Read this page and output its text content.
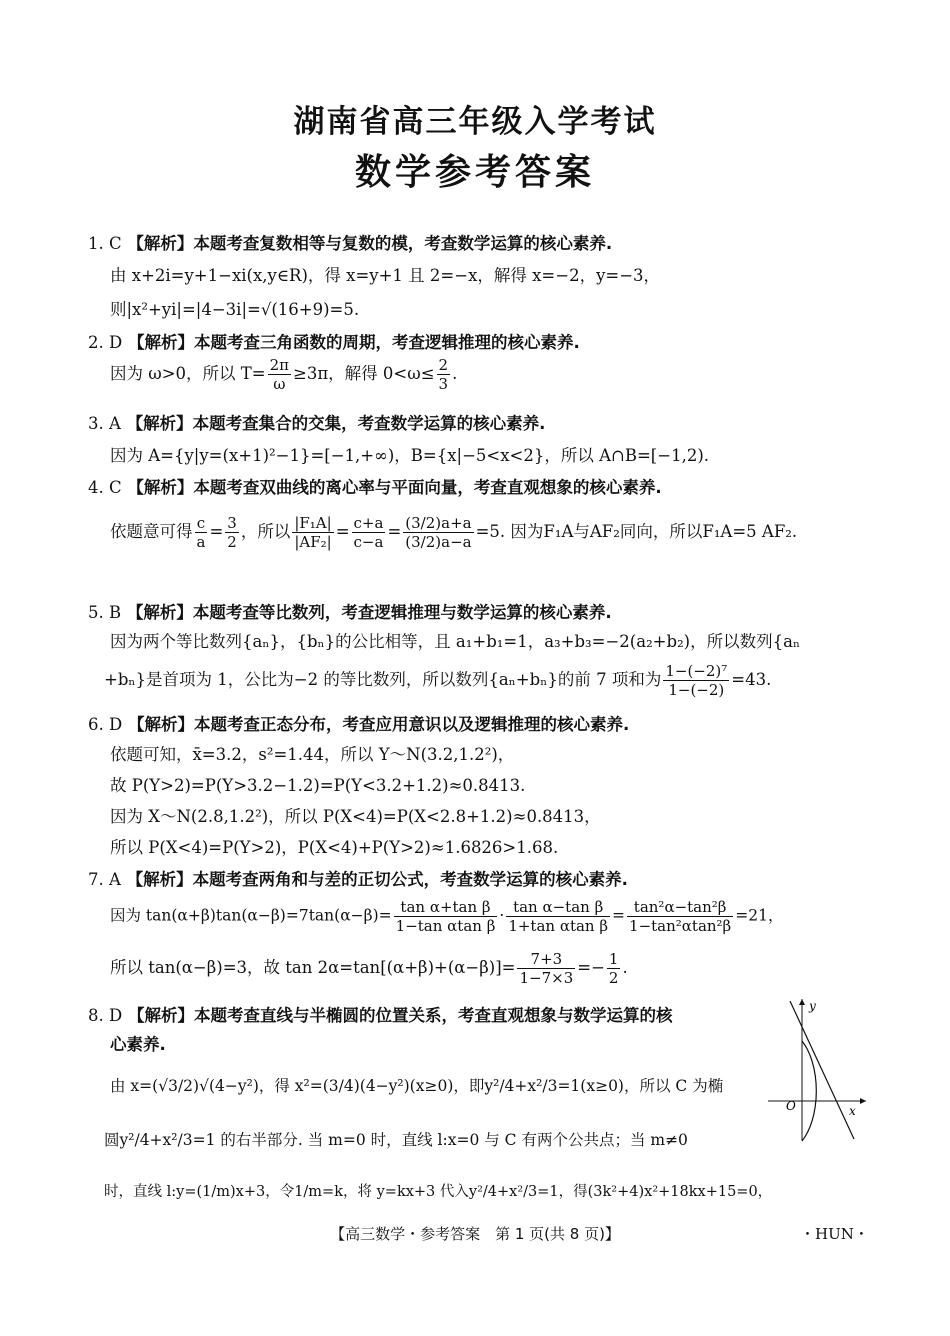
湖南省高三年级入学考试
数学参考答案
1. C 【解析】本题考查复数相等与复数的模，考查数学运算的核心素养.
由 x+2i=y+1−xi(x,y∈R)，得 x=y+1 且 2=−x，解得 x=−2，y=−3，
则|x²+yi|=|4−3i|=√(16+9)=5.
2. D 【解析】本题考查三角函数的周期，考查逻辑推理的核心素养.
因为 ω>0，所以 $T= \frac{2\pi}{\omega} \ge 3\pi$，解得 $0<\omega\le \frac{2}{3}$ .
3. A 【解析】本题考查集合的交集，考查数学运算的核心素养.
因为 A={y|y=(x+1)²−1}=[−1,+∞)，B={x|−5<x<2}，所以 A∩B=[−1,2).
4. C 【解析】本题考查双曲线的离心率与平面向量，考查直观想象的核心素养.
依题意可得 $\frac{c}{a} = \frac{3}{2}$ ，所以 $\frac{\text{|F₁A|}}{\text{|AF₂|}} = \frac{c+a}{c-a} = \frac{(3/2)a+a}{(3/2)a-a} =5$. 因为F₁A与AF₂同向，所以F₁A=5 AF₂.
5. B 【解析】本题考查等比数列，考查逻辑推理与数学运算的核心素养.
因为两个等比数列{aₙ}，{bₙ}的公比相等，且 a₁+b₁=1，a₃+b₃=−2(a₂+b₂)，所以数列{aₙ
+bₙ}是首项为 1，公比为−2 的等比数列，所以数列{aₙ+bₙ}的前 7 项和为 $\frac{\text{1−(−2)⁷}}{1-(-2)} =43$.
6. D 【解析】本题考查正态分布，考查应用意识以及逻辑推理的核心素养.
依题可知，x̄=3.2，s²=1.44，所以 Y～N(3.2,1.2²)，
故 P(Y>2)=P(Y>3.2−1.2)=P(Y<3.2+1.2)≈0.8413.
因为 X～N(2.8,1.2²)，所以 P(X<4)=P(X<2.8+1.2)≈0.8413，
所以 P(X<4)=P(Y>2)，P(X<4)+P(Y>2)≈1.6826>1.68.
7. A 【解析】本题考查两角和与差的正切公式，考查数学运算的核心素养.
因为 $\tan(\alpha+\beta)\tan(\alpha-\beta)=7\tan(\alpha-\beta)= \frac{\text{tan α+tan β}}{\text{1−tan αtan β}} \cdot \frac{\text{tan α−tan β}}{\text{1+tan αtan β}} = \frac{\text{tan²α−tan²β}}{\text{1−tan²αtan²β}} =21$，
所以 tan(α−β)=3，故 $\tan 2\alpha=\tan[(\alpha+\beta)+(\alpha-\beta)]= \frac{7+3}{1-7\times 3} =- \frac{1}{2}$ .
8. D 【解析】本题考查直线与半椭圆的位置关系，考查直观想象与数学运算的核
心素养.
由 x=(√3/2)√(4−y²)，得 x²=(3/4)(4−y²)(x≥0)，即y²/4+x²/3=1(x≥0)，所以 C 为椭
圆y²/4+x²/3=1 的右半部分. 当 m=0 时，直线 l:x=0 与 C 有两个公共点；当 m≠0
时，直线 l:y=(1/m)x+3，令1/m=k，将 y=kx+3 代入y²/4+x²/3=1，得(3k²+4)x²+18kx+15=0，
y
x
O
【高三数学・参考答案　第 1 页(共 8 页)】	・HUN・
